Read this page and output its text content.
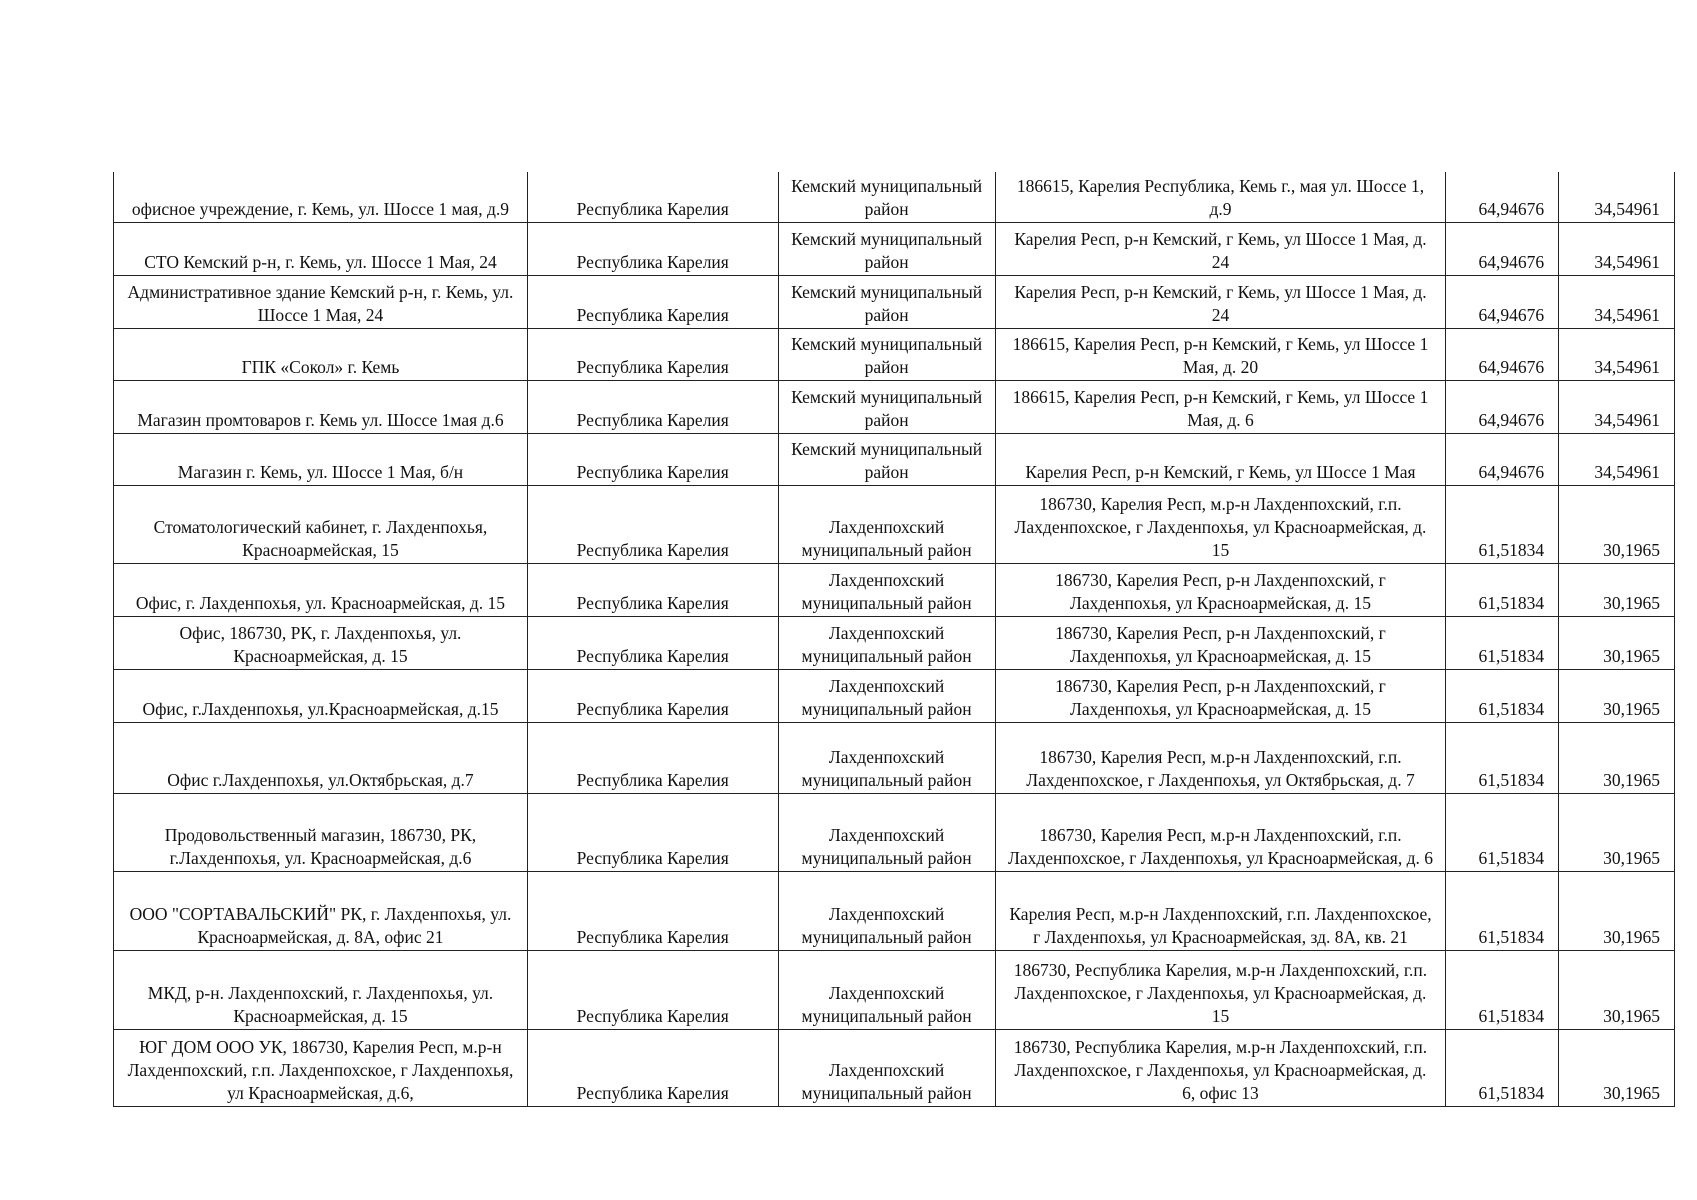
офисное учреждение, г. Кемь, ул. Шоссе 1 мая, д.9	Республика Карелия	Кемский муниципальный район	186615, Карелия Республика, Кемь г., мая ул. Шоссе 1, д.9	64,94676	34,54961
СТО Кемский р-н, г. Кемь, ул. Шоссе 1 Мая, 24	Республика Карелия	Кемский муниципальный район	Карелия Респ, р-н Кемский, г Кемь, ул Шоссе 1 Мая, д. 24	64,94676	34,54961
Административное здание Кемский р-н, г. Кемь, ул. Шоссе 1 Мая, 24	Республика Карелия	Кемский муниципальный район	Карелия Респ, р-н Кемский, г Кемь, ул Шоссе 1 Мая, д. 24	64,94676	34,54961
ГПК «Сокол» г. Кемь	Республика Карелия	Кемский муниципальный район	186615, Карелия Респ, р-н Кемский, г Кемь, ул Шоссе 1 Мая, д. 20	64,94676	34,54961
Магазин промтоваров г. Кемь ул. Шоссе 1мая д.6	Республика Карелия	Кемский муниципальный район	186615, Карелия Респ, р-н Кемский, г Кемь, ул Шоссе 1 Мая, д. 6	64,94676	34,54961
Магазин г. Кемь, ул. Шоссе 1 Мая, б/н	Республика Карелия	Кемский муниципальный район	Карелия Респ, р-н Кемский, г Кемь, ул Шоссе 1 Мая	64,94676	34,54961
Стоматологический кабинет, г. Лахденпохья, Красноармейская, 15	Республика Карелия	Лахденпохский муниципальный район	186730, Карелия Респ, м.р-н Лахденпохский, г.п. Лахденпохское, г Лахденпохья, ул Красноармейская, д. 15	61,51834	30,1965
Офис, г. Лахденпохья, ул. Красноармейская, д. 15	Республика Карелия	Лахденпохский муниципальный район	186730, Карелия Респ, р-н Лахденпохский, г Лахденпохья, ул Красноармейская, д. 15	61,51834	30,1965
Офис, 186730, РК, г. Лахденпохья, ул. Красноармейская, д. 15	Республика Карелия	Лахденпохский муниципальный район	186730, Карелия Респ, р-н Лахденпохский, г Лахденпохья, ул Красноармейская, д. 15	61,51834	30,1965
Офис, г.Лахденпохья, ул.Красноармейская, д.15	Республика Карелия	Лахденпохский муниципальный район	186730, Карелия Респ, р-н Лахденпохский, г Лахденпохья, ул Красноармейская, д. 15	61,51834	30,1965
Офис г.Лахденпохья, ул.Октябрьская, д.7	Республика Карелия	Лахденпохский муниципальный район	186730, Карелия Респ, м.р-н Лахденпохский, г.п. Лахденпохское, г Лахденпохья, ул Октябрьская, д. 7	61,51834	30,1965
Продовольственный магазин, 186730, РК, г.Лахденпохья, ул. Красноармейская, д.6	Республика Карелия	Лахденпохский муниципальный район	186730, Карелия Респ, м.р-н Лахденпохский, г.п. Лахденпохское, г Лахденпохья, ул Красноармейская, д. 6	61,51834	30,1965
ООО "СОРТАВАЛЬСКИЙ" РК, г. Лахденпохья, ул. Красноармейская, д. 8А, офис 21	Республика Карелия	Лахденпохский муниципальный район	Карелия Респ, м.р-н Лахденпохский, г.п. Лахденпохское, г Лахденпохья, ул Красноармейская, зд. 8А, кв. 21	61,51834	30,1965
МКД, р-н. Лахденпохский, г. Лахденпохья, ул. Красноармейская, д. 15	Республика Карелия	Лахденпохский муниципальный район	186730, Республика Карелия, м.р-н Лахденпохский, г.п. Лахденпохское, г Лахденпохья, ул Красноармейская, д. 15	61,51834	30,1965
ЮГ ДОМ ООО УК, 186730, Карелия Респ, м.р-н Лахденпохский, г.п. Лахденпохское, г Лахденпохья, ул Красноармейская, д.6,	Республика Карелия	Лахденпохский муниципальный район	186730, Республика Карелия, м.р-н Лахденпохский, г.п. Лахденпохское, г Лахденпохья, ул Красноармейская, д. 6, офис 13	61,51834	30,1965
